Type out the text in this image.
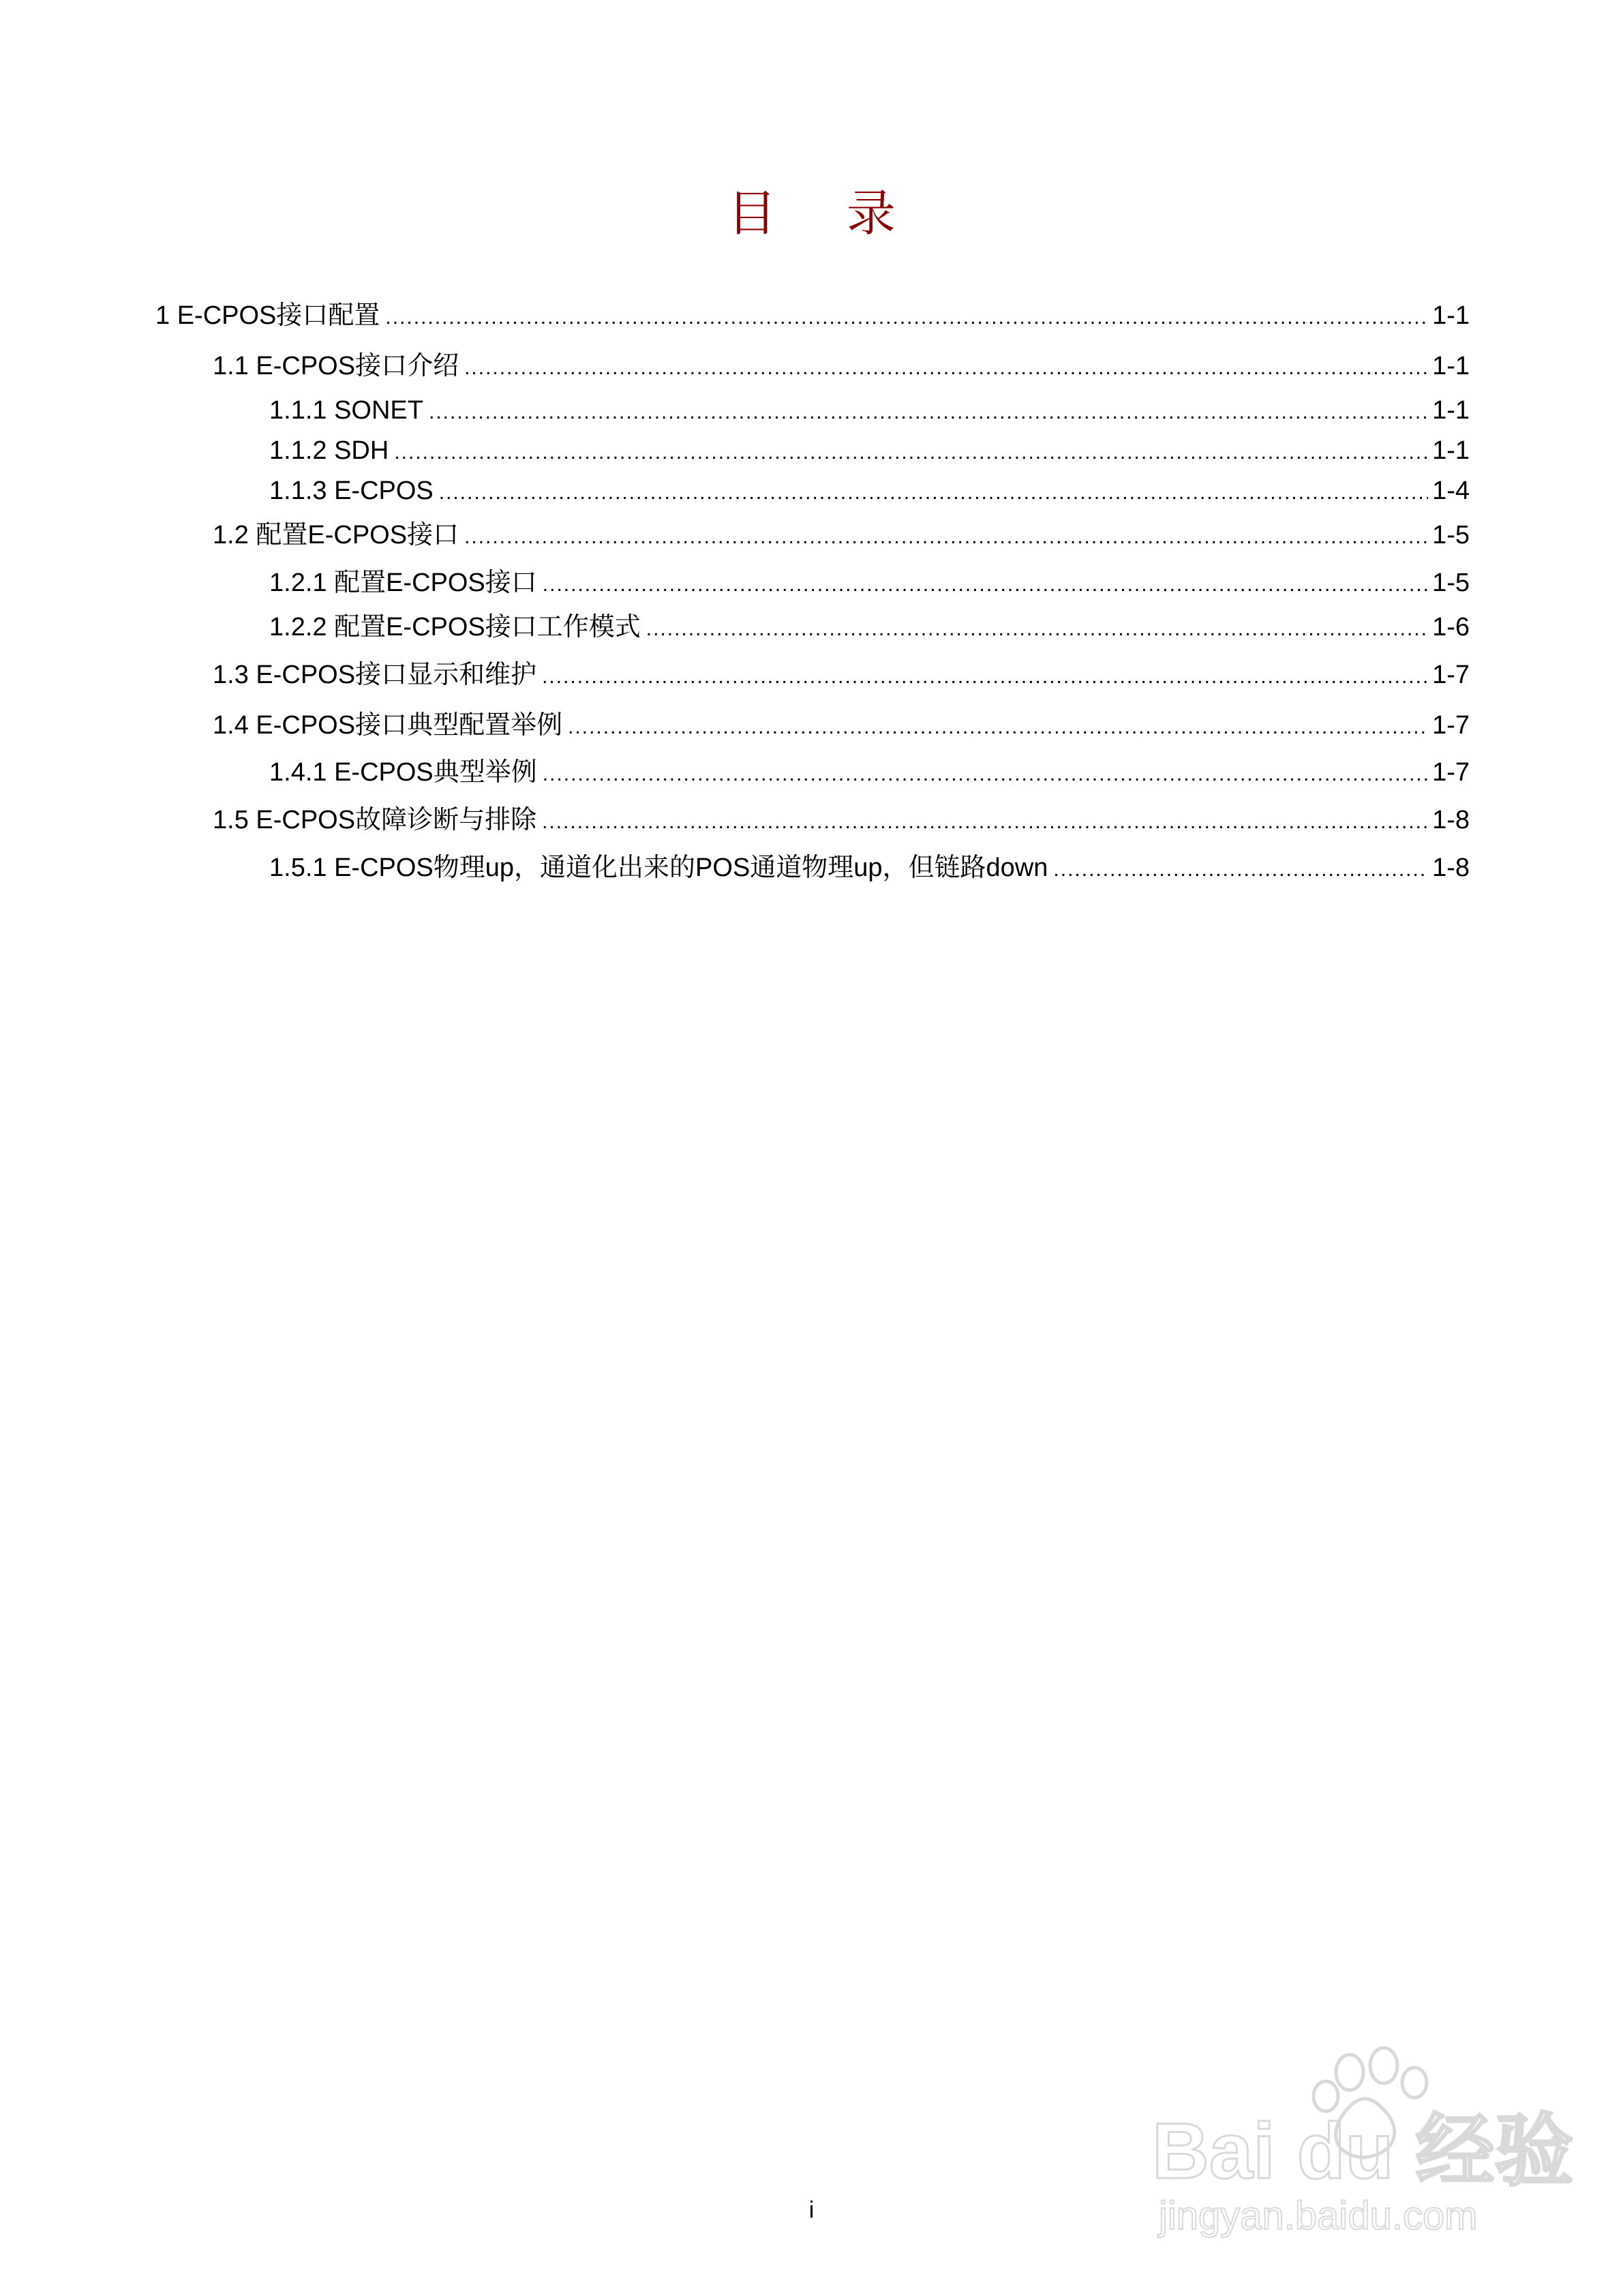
目 录
1 E-CPOS接口配置 .....	1-1
1.1 E-CPOS接口介绍 .....	1-1
1.1.1 SONET .....	1-1
1.1.2 SDH .....	1-1
1.1.3 E-CPOS .....	1-4
1.2 配置E-CPOS接口 .....	1-5
1.2.1 配置E-CPOS接口 .....	1-5
1.2.2 配置E-CPOS接口工作模式 .....	1-6
1.3 E-CPOS接口显示和维护 .....	1-7
1.4 E-CPOS接口典型配置举例 .....	1-7
1.4.1 E-CPOS典型举例 .....	1-7
1.5 E-CPOS故障诊断与排除 .....	1-8
1.5.1 E-CPOS物理up，通道化出来的POS通道物理up，但链路down .....	1-8
i
Bai du 经验
jingyan.baidu.com
